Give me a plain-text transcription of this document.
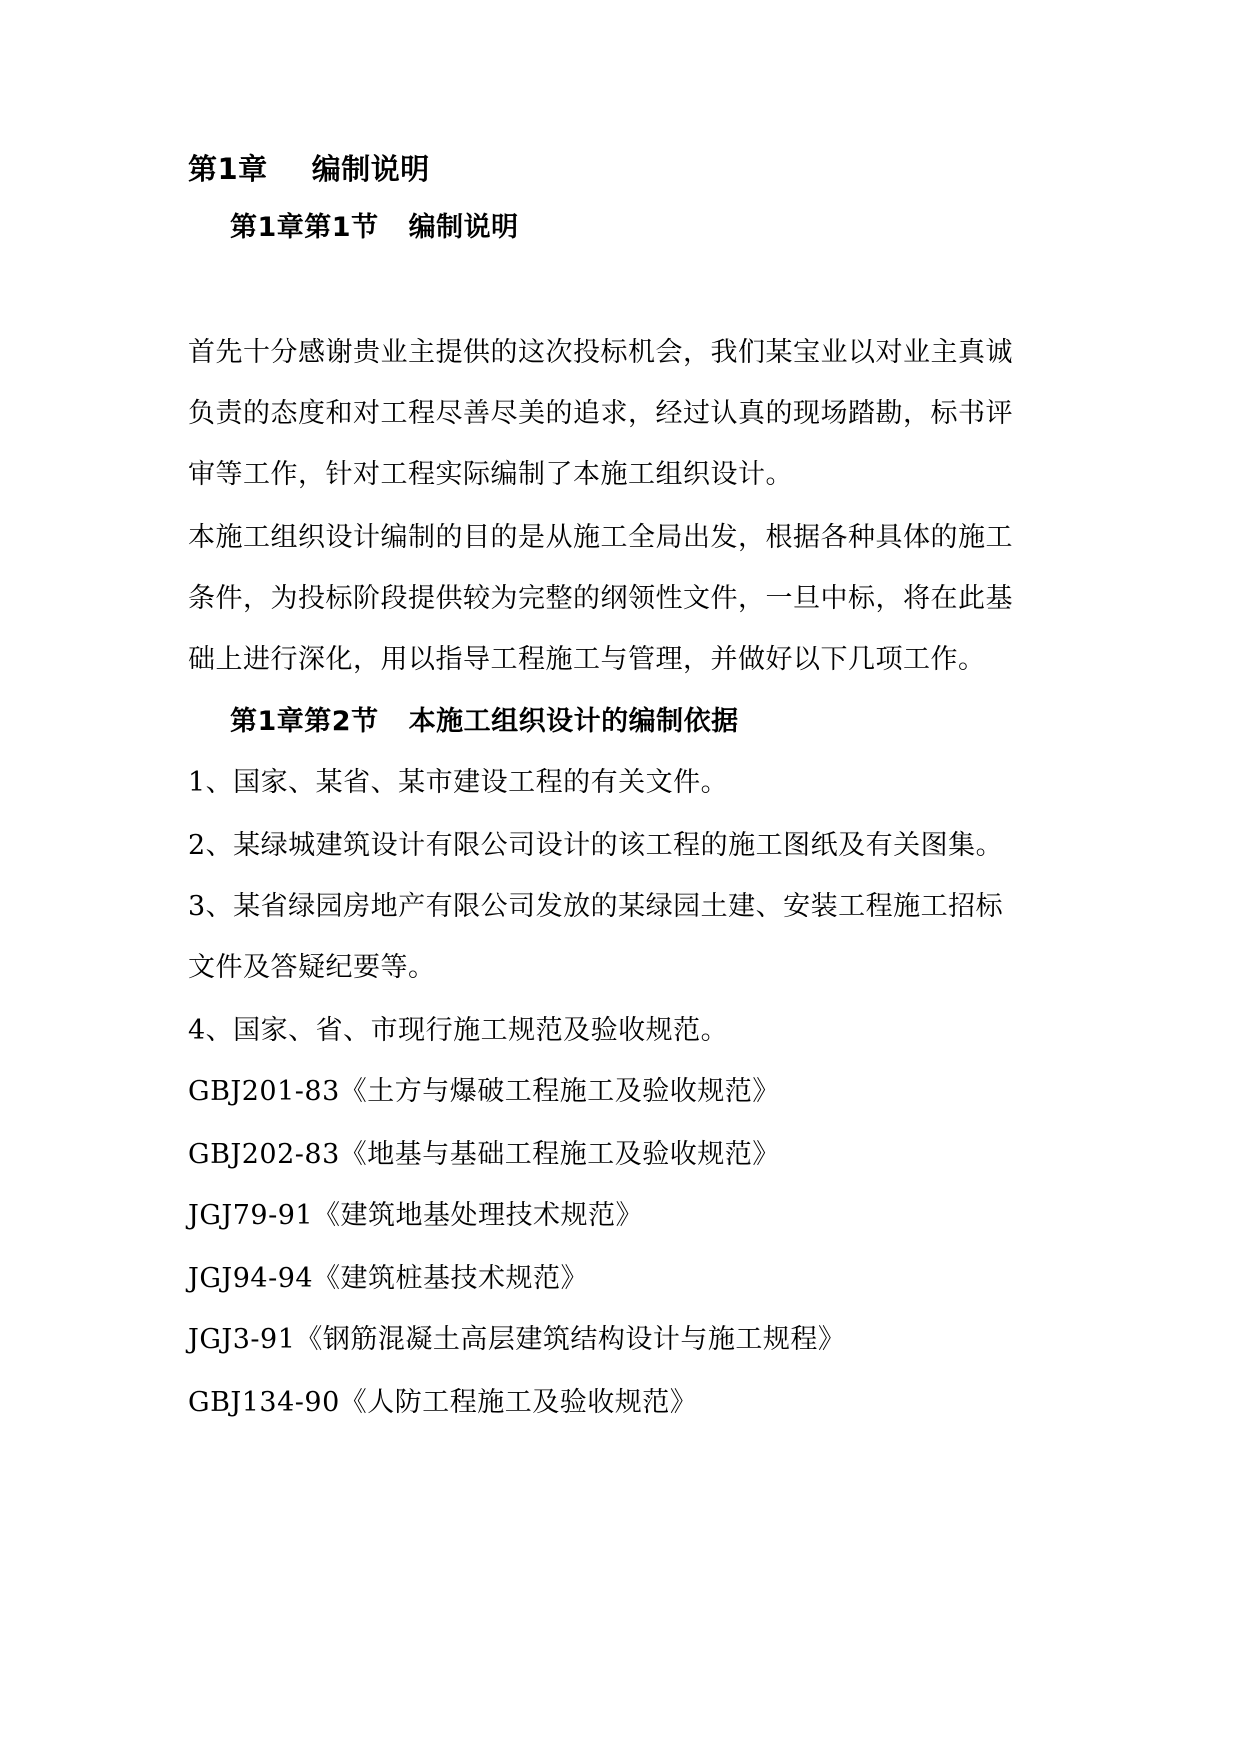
第1章 编制说明
第1章第1节 编制说明
首先十分感谢贵业主提供的这次投标机会，我们某宝业以对业主真诚
负责的态度和对工程尽善尽美的追求，经过认真的现场踏勘，标书评
审等工作，针对工程实际编制了本施工组织设计。
本施工组织设计编制的目的是从施工全局出发，根据各种具体的施工
条件，为投标阶段提供较为完整的纲领性文件，一旦中标，将在此基
础上进行深化，用以指导工程施工与管理，并做好以下几项工作。
第1章第2节 本施工组织设计的编制依据
1、国家、某省、某市建设工程的有关文件。
2、某绿城建筑设计有限公司设计的该工程的施工图纸及有关图集。
3、某省绿园房地产有限公司发放的某绿园土建、安装工程施工招标
文件及答疑纪要等。
4、国家、省、市现行施工规范及验收规范。
GBJ201-83《土方与爆破工程施工及验收规范》
GBJ202-83《地基与基础工程施工及验收规范》
JGJ79-91《建筑地基处理技术规范》
JGJ94-94《建筑桩基技术规范》
JGJ3-91《钢筋混凝土高层建筑结构设计与施工规程》
GBJ134-90《人防工程施工及验收规范》
